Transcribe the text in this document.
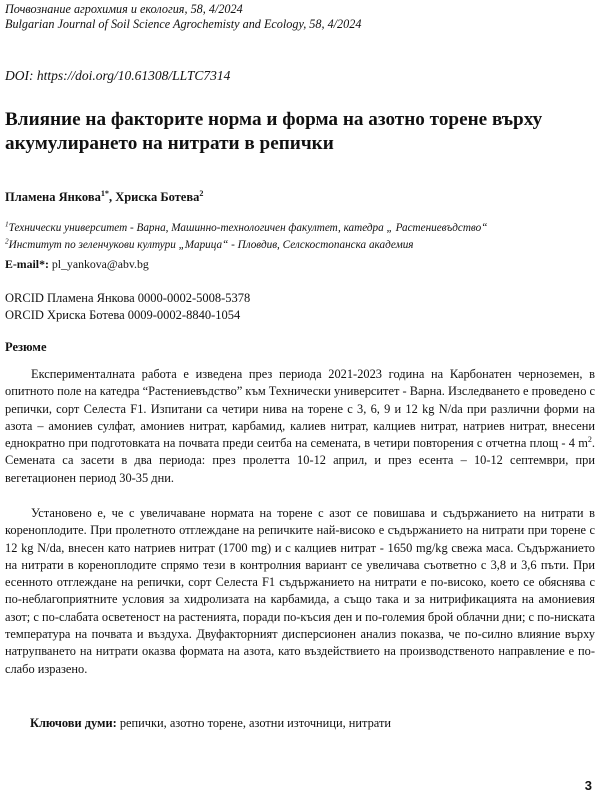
Почвознание агрохимия и екология, 58, 4/2024
Bulgarian Journal of Soil Science Agrochemisty and Ecology, 58, 4/2024
DOI: https://doi.org/10.61308/LLTC7314
Влияние на факторите норма и форма на азотно торене върху акумулирането на нитрати в репички
Пламена Янкова$^{1*}$, Хриска Ботева$^2$
$^1$Технически университет - Варна, Машинно-технологичен факултет, катедра „ Растениевъдство“
$^2$Институт по зеленчукови култури „Марица“ - Пловдив, Селскостопанска академия
E-mail*: pl_yankova@abv.bg
ORCID Пламена Янкова 0000-0002-5008-5378
ORCID Хриска Ботева 0009-0002-8840-1054
Резюме

Експерименталната работа е изведена през периода 2021-2023 година на Карбонатен черноземен, в опитното поле на катедра “Растениевъдство” към Технически университет - Варна. Изследването е проведено с репички, сорт Селеста F1. Изпитани са четири нива на торене с 3, 6, 9 и 12 kg N/da при различни форми на азота – амониев сулфат, амониев нитрат, карбамид, калиев нитрат, калциев нитрат, натриев нитрат, внесени еднократно при подготовката на почвата преди сеитба на семената, в четири повторения с отчетна площ - 4 $m^2$. Семената са засети в два периода: през пролетта 10-12 април, и през есента – 10-12 септември, при вегетационен период 30-35 дни.

Установено е, че с увеличаване нормата на торене с азот се повишава и съдържанието на нитрати в кореноплодите. При пролетното отглеждане на репичките най-високо е съдържанието на нитрати при торене с 12 kg N/da, внесен като натриев нитрат (1700 mg) и с калциев нитрат - 1650 mg/kg свежа маса. Съдържанието на нитрати в кореноплодите спрямо тези в контролния вариант се увеличава съответно с 3,8 и 3,6 пъти. При есенното отглеждане на репички, сорт Селеста F1 съдържанието на нитрати е по-високо, което се обяснява с по-неблагоприятните условия за хидролизата на карбамида, а също така и за нитрификацията на амониевия азот; с по-слабата осветеност на растенията, поради по-късия ден и по-големия брой облачни дни; с по-ниската температура на почвата и въздуха. Двуфакторният дисперсионен анализ показва, че по-силно влияние върху натрупването на нитрати оказва формата на азота, като въздействието на производственото направление е по-слабо изразено.

Ключови думи: репички, азотно торене, азотни източници, нитрати
3
